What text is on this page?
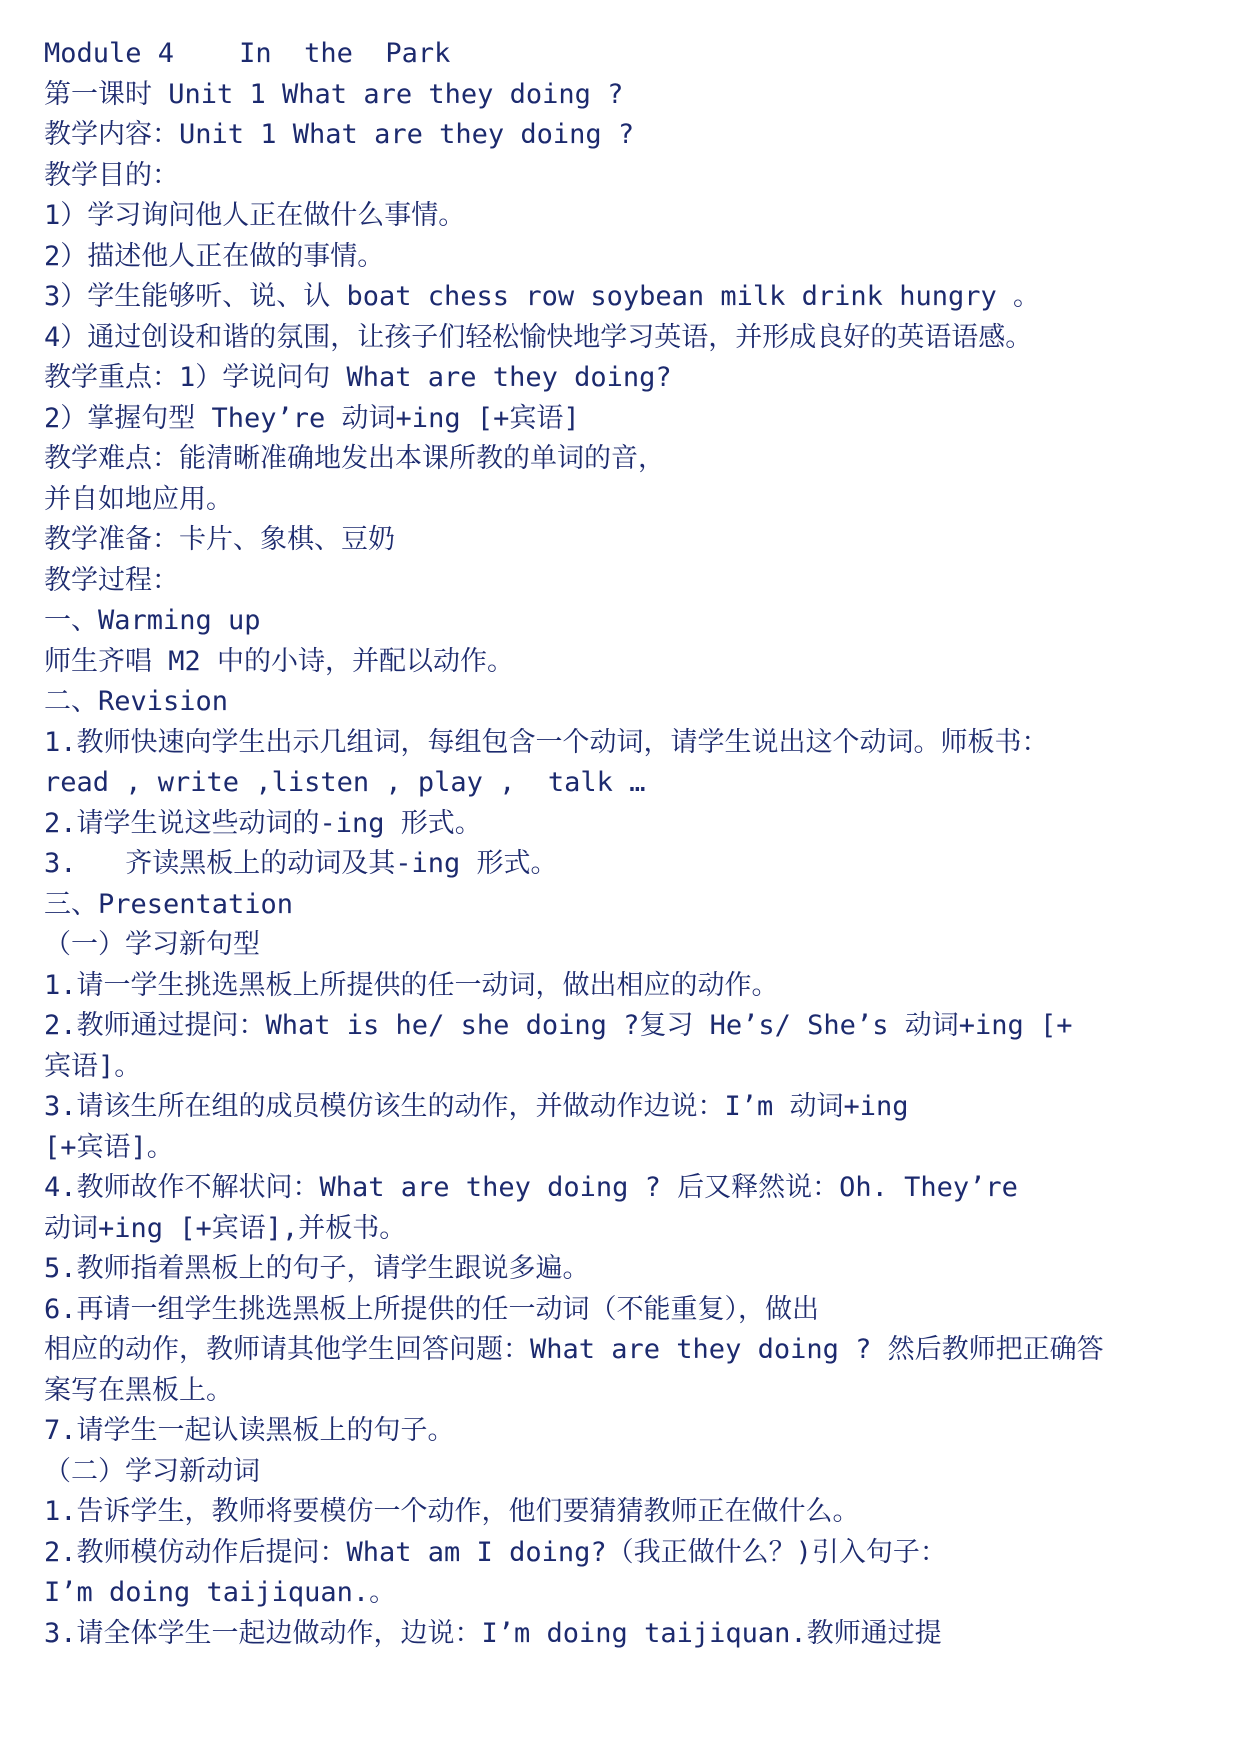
Module 4    In  the  Park
第一课时 Unit 1 What are they doing ?
教学内容：Unit 1 What are they doing ?
教学目的：
1）学习询问他人正在做什么事情。
2）描述他人正在做的事情。
3）学生能够听、说、认 boat chess row soybean milk drink hungry 。
4）通过创设和谐的氛围，让孩子们轻松愉快地学习英语，并形成良好的英语语感。
教学重点：1）学说问句 What are they doing?
2）掌握句型 They’re 动词+ing [+宾语]
教学难点：能清晰准确地发出本课所教的单词的音，
并自如地应用。
教学准备：卡片、象棋、豆奶
教学过程：
一、Warming up
师生齐唱 M2 中的小诗，并配以动作。
二、Revision
1.教师快速向学生出示几组词，每组包含一个动词，请学生说出这个动词。师板书：
read , write ,listen , play ,  talk …
2.请学生说这些动词的-ing 形式。
3.   齐读黑板上的动词及其-ing 形式。
三、Presentation
（一）学习新句型
1.请一学生挑选黑板上所提供的任一动词，做出相应的动作。
2.教师通过提问：What is he/ she doing ?复习 He’s/ She’s 动词+ing [+
宾语]。
3.请该生所在组的成员模仿该生的动作，并做动作边说：I’m 动词+ing
[+宾语]。
4.教师故作不解状问：What are they doing ? 后又释然说：Oh. They’re
动词+ing [+宾语],并板书。
5.教师指着黑板上的句子，请学生跟说多遍。
6.再请一组学生挑选黑板上所提供的任一动词（不能重复），做出
相应的动作，教师请其他学生回答问题：What are they doing ? 然后教师把正确答
案写在黑板上。
7.请学生一起认读黑板上的句子。
（二）学习新动词
1.告诉学生，教师将要模仿一个动作，他们要猜猜教师正在做什么。
2.教师模仿动作后提问：What am I doing?（我正做什么？)引入句子：
I’m doing taijiquan.。
3.请全体学生一起边做动作，边说：I’m doing taijiquan.教师通过提
